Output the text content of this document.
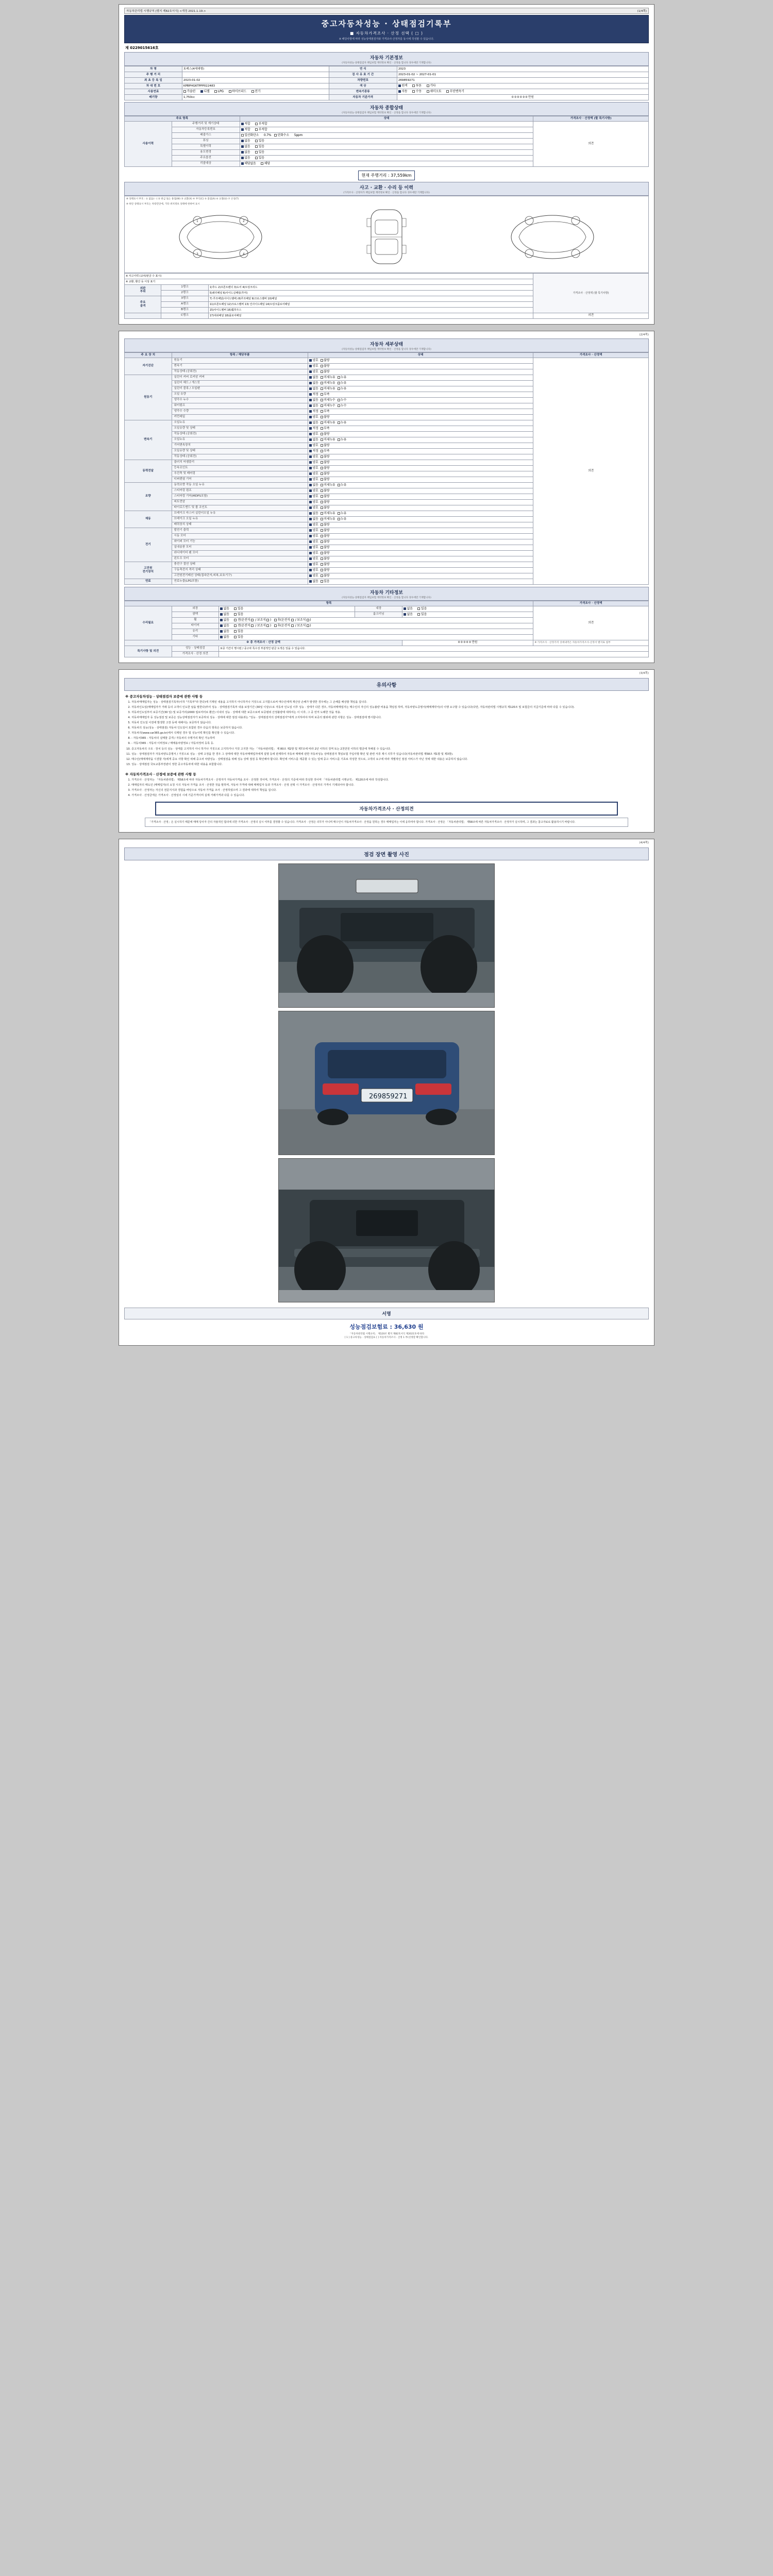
자동차관리법 시행규칙 [별지 제82호서식] <개정 2021.1.19.>	(1/4쪽)
중고자동차성능 · 상태점검기록부
■ 자동차가격조사 · 산정 선택 ( □ )
※ 해당사항에 따라 성능상태점검자와 가격조사·산정자를 동시에 작성할 수 있습니다.
제 0229015616호
자동차 기본정보
(자동차성능·상태점검자 책임보험 계약정보 확인 · 산정을 합니다 경우에만 기재합니다)
차 명	토레스(4세대형)	연 식	2023
주 행 거 리		검 사 유 효 기 간	2023-01-02 ~ 2027-01-01
최 초 등 록 일	2023-01-02	차량번호	269859271
차 대 번 호	KPBPHG6TPPP022483	색 상	원색 투톤 기타
사용연료	가솔린 디젤 LPG 하이브리드 전기	변속기종류	자동 수동 세미오토 무단변속기
배기량	1,750cc	자동차 기준가격	0 0 0 0 0 0 만원
자동차 종합상태
(자동차성능·상태점검자 책임보험 계약정보 확인 · 산정을 합니다 경우에만 기재합니다)
주요 항목		상태	가격조사 · 산정액 (할 특기사항)
사용이력	주행거리 및 계기상태	적합 부적합	의견
	자동차등록번호	적합 부적합	
	배출가스	일산화탄소 0.7% 탄화수소 5ppm	
	튜닝	없음 있음	
	특별이력	없음 있음	
	용도변경	없음 있음	
	주요옵션	없음 있음	
	리콜대상	해당없음 해당	
현재 주행거리 : 37,559km
사고 · 교환 · 수리 등 이력
(가격조사 · 산정자가 책임보험 계약정보 확인 · 산정을 합니다 경우에만 기재합니다)
※ 상태표시 부호 : ① 없음(ㅡ) ② 판금 또는 용접(W) ③ 교환(X) ④ 부식(C) ⑤ 흠집(A) ⑥ 요철(U) ⑦ 손상(T)
※ 하단 상태표시 부호는 차량진단에, 기타 위치정보 상태에 한하여 표시
1	2
3	4
※ 사고이력 (교차/판금 수 표시)			가격조사 · 산정액 (할 특기사항)
※ 교환, 환산 등 이상 표기			
외판
부위	1랭크	1)후드 2)프론트펜더 3)도어 4)트렁크리드	
	2랭크	5)쿼터패널 6)사이드실패널(후미)	
주요
골격	3랭크	7) 루프패널(사이드멤버) 8)루프패널 9)크로스멤버 10)패널	
	A랭크	11)프론트패널 12)크로스멤버 13) 인사이드패널 14)트렁크플로어패널	
	B랭크	15)사이드멤버 16)휠하우스	
	C랭크	17)대쉬패널 18)플로어패널	의견
(2/4쪽)
자동차 세부상태
(자동차성능·상태점검자 책임보험 계약정보 확인 · 산정을 합니다 경우에만 기재합니다)
주 요 장 치	항목 / 해당부품	상태	가격조사 · 산정액
자기진단	원동기	양호 불량	의견
	변속기	양호 불량	
	작동상태 (공회전)	양호 불량	
원동기	실린더 커버 로커암 커버	없음 미세누유 누유	
	실린더 헤드 / 개스킷	없음 미세누유 누유	
	실린더 블록 / 오일팬	없음 미세누유 누유	
	오일 유량	적정 부족	
	냉각수 누수	없음 미세누수 누수	
	워터펌프	없음 미세누수 누수	
	냉각수 수량	적정 부족	
	커먼레일	양호 불량	
변속기	오일누유	없음 미세누유 누유	
	오일유량 및 상태	적정 부족	
	작동상태 (공회전)	양호 불량	
	오일누유	없음 미세누유 누유	
	기어변속장치	양호 불량	
	오일유량 및 상태	적정 부족	
	작동상태 (공회전)	양호 불량	
동력전달	클러치 어셈블리	양호 불량	
	등속조인트	양호 불량	
	추진축 및 베어링	양호 불량	
	디퍼렌셜 기어	양호 불량	
조향	동력조향 작동 오일 누유	없음 미세누유 누유	
	스티어링 펌프	양호 불량	
	스티어링 기어(MDPS포함)	양호 불량	
	피트먼암	양호 불량	
	타이로드엔드 및 볼 조인트	양호 불량	
제동	브레이크 마스터 실린더오일 누유	없음 미세누유 누유	
	브레이크 오일 누유	없음 미세누유 누유	
	배력장치 상태	양호 불량	
전기	발전기 출력	양호 불량	
	시동 모터	양호 불량	
	와이퍼 모터 기능	양호 불량	
	실내송풍 모터	양호 불량	
	라디에이터 팬 모터	양호 불량	
	윈도우 모터	양호 불량	
고전원
전기장치	충전구 절연 상태	양호 불량	
	구동축전지 격리 상태	양호 불량	
	고전원전기배선 상태(접속단자,피복,보호기구)	양호 불량	
연료	연료누출(LPG포함)	없음 있음	
자동차 기타정보
(자동차성능·상태점검자 책임보험 계약정보 확인 · 산정을 합니다 경우에만 기재합니다)
항목					가격조사 · 산정액
수리필요	외장	없음 있음	내장	없음 있음	의견
	광택	없음 있음	룸크리닝	없음 있음	
	휠	없음 전(운전석  / 보조석 ) 후(운전석  / 보조석 )			
	타이어	없음 전(운전석  / 보조석 ) 후(운전석  / 보조석 )			
	유리	없음 있음			
	기타	없음 있음			
※ 총 가격조사 · 산정 금액				0 0 0 0 0 만원	※ 가격조사 · 산정가격 상세내역은 자동차가격조사·산정서 별지로 첨부
특기사항 및 의견	성능 · 상태점검	보증 기간이 명시된 / 중고차 특수성 부분적인 판금 도색은 있을 수 있습니다.			
	가격조사 · 산정 의견				
(3/4쪽)
유의사항
※ 중고자동차성능 · 상태점검자 보증에 관한 사항 등
1. 자동차매매업자는 성능 · 상태점검기록부(이하 "기록부"라 한다)에 기재된 내용을 고지하지 아니하거나 거짓으로 고지함으로써 매수인에게 재산상 손해가 발생한 경우에는 그 손해를 배상할 책임을 집니다.
2. 자동차인도일(매매업자가 거래 등의 고객이 인도한 날을 말한다)부터 성능 · 상태점검기록부 내용 보장기간 (30일 이상)으로 자동차 인도일 이후 성능 · 상태가 다른 경우, 자동차매매업자는 매수인의 자신의 성능불량 비용을 책임짐 하며, 자동차양도증명서(매매계약서)의 이행 요구할 수 있습니다(다만, 자동차관리법 시행규칙 제120조 및 보험금의 지급기준에 따라 다를 수 있습니다).
3. 자동차인도일부터 보증기간(30 일) 및 보증거리(2000 킬로미터로 환산) 이내의 성능 · 상태에 대한 보증으로써 보증범위 산정불량에 대하여는 이 이후, 그 중 먼저 도래한 것을 적용.
4. 자동차매매업자 등 성능점검 및 보증은 성능상태점검자가 보증하되 성능 · 상태에 대한 점검 내용과는 "성능 · 상태점검자의 상태점검자"에게 고지하여야 하며 보증의 범위에 관한 사항은 성능 · 상태점검에 명시합니다.
5. 자동차 인도일 이전에 발생한 고장 등에 대해서는 보증하지 않습니다.
6. 자동차의 성능(성능 · 상태점검) 자동차 인도일이 포함된 경우 다음의 항목은 보증하지 않습니다.
7. 자동차의(www.car365.go.kr)에서 삭제된 경우 및 성능이력 확인를 확인할 수 있습니다.
8. - 자동차365 : 자동차의 실매물 공개 / 자동차의 주행거리 확인 가능하며
9. - 자동차365 : 자동차 이력정보 / 매매용차량정보 / 자동차정비 등록 등.
10. 중고자동차의 구조 · 장치 등의 성능 · 상태를 고지하지 아니 하거나 거짓으로 고지하거나 거짓 고지한 자는 「자동차관리법」 제 80조 제2항 및 제7조에 따라 2년 이하의 징역 또는 2천만원 이하의 벌금에 처해질 수 있습니다.
11. 성능 · 상태점검자가 자동차양도증명서 / 거짓으로 성능 · 상태 고정을 한 경우 그 상태에 대한 자동차매매업자에게 설명 등에 관계하여 자동차 매매에 관한 자동차성능 상태점검자 책임보험 가입사항 확인 및 관련 서류 제시 의무가 있습니다(자동차관리법 제58조 제1항 및 제3항).
12. 매수인(매매계약을 시결할 자)에게 중요 사항 확인 위해 중고차 차량성능 · 상태점검을 위해 성능 상태 점검 등 확인해야 합니다. 확인에 서비스를 제공할 수 있는 업체 중고 서비스를 기초로 작성한 것으로, 고객의 요구에 따라 개별적인 점검 서비스가 아닌 것에 대한 내용은 보증하지 않습니다.
13. 성능 · 상태점검 국토교통부장관이 정한 중고자동차에 대한 내용을 포함합니다.
※ 자동차가격조사 · 산정에 보증에 관한 사항 등
1. 가격조사 · 산정자는 「자동차관리법」 제58조에 따라 자동차가격조사 · 산정자가 자동차가격을 조사 · 산정한 것이며, 가격조사 · 산정의 기준에 따라 작성한 것이며 「자동차관리법 시행규칙」 제120조에 따라 작성합니다.
2. 매매업자의 매도인 (매매업자)의 요청 시의 자동차 가격을 조사 · 산정한 것을 말하며, 자동차 가격에 대해 매매업자 등과 가격조사 · 산정 선택 시 가격조사 · 산정자의 가격이 기재되어야 합니다.
3. 가격조사 · 산정자는 자신의 전문지식과 경험을 바탕으로 자동차 가격을 조사 · 산정하였으며 그 결과에 대하여 책임을 집니다.
4. 가격조사 · 산정금액은 가격조사 · 산정일의 시세 기준가격이며 실제 거래가격과 다를 수 있습니다.
자동차가격조사 · 산정의견
「가격조사 · 산정」은 실시하기 때문에 매매 당사자 간의 자율적인 합의에 의한 가격조사 · 산정의 실시 여부를 결정할 수 있습니다. 가격조사 · 산정은 의무가 아니며 매수인이 자동차가격조사 · 산정을 원하는 경우 매매업자는 이에 응하여야 합니다. 가격조사 · 산정은 「자동차관리법」 제58조에 따른 자동차가격조사 · 산정자가 실시하며, 그 결과는 참고자료로 활용하시기 바랍니다.
(4/4쪽)
점검 장면 촬영 사진
269859271
서명
성능점검보험료 : 36,630 원
「자동차관리법 시행규칙」 제120조 별지 제82호서식 제2021호에 따라
[ 1 ] 중고차성능 · 상태점검표 [ ] 자동차가격조사 · 산정 1 부(선정할 확인합니다.
